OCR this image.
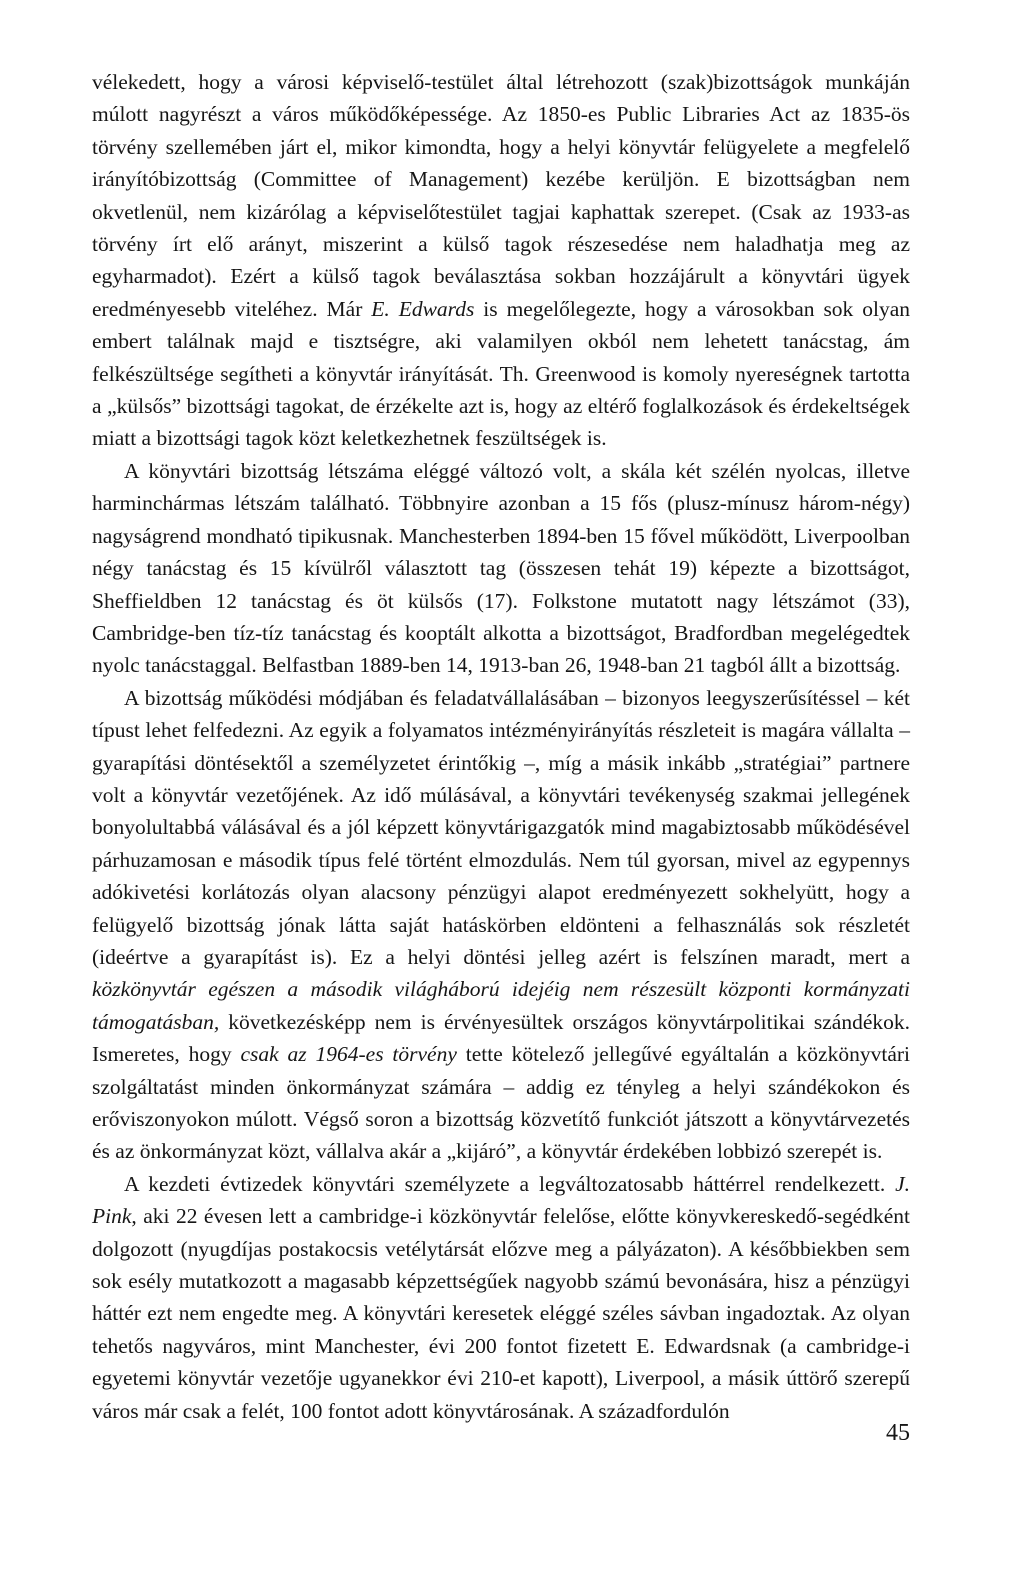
vélekedett, hogy a városi képviselő-testület által létrehozott (szak)bizottságok munkáján múlott nagyrészt a város működőképessége. Az 1850-es Public Libraries Act az 1835-ös törvény szellemében járt el, mikor kimondta, hogy a helyi könyvtár felügyelete a megfelelő irányítóbizottság (Committee of Management) kezébe kerüljön. E bizottságban nem okvetlenül, nem kizárólag a képviselőtestület tagjai kaphattak szerepet. (Csak az 1933-as törvény írt elő arányt, miszerint a külső tagok részesedése nem haladhatja meg az egyharmadot). Ezért a külső tagok beválasztása sokban hozzájárult a könyvtári ügyek eredményesebb viteléhez. Már E. Edwards is megelőlegezte, hogy a városokban sok olyan embert találnak majd e tisztségre, aki valamilyen okból nem lehetett tanácstag, ám felkészültsége segítheti a könyvtár irányítását. Th. Greenwood is komoly nyereségnek tartotta a „külsős” bizottsági tagokat, de érzékelte azt is, hogy az eltérő foglalkozások és érdekeltségek miatt a bizottsági tagok közt keletkezhetnek feszültségek is.

A könyvtári bizottság létszáma eléggé változó volt, a skála két szélén nyolcas, illetve harminchármas létszám található. Többnyire azonban a 15 fős (plusz-mínusz három-négy) nagyságrend mondható tipikusnak. Manchesterben 1894-ben 15 fővel működött, Liverpoolban négy tanácstag és 15 kívülről választott tag (összesen tehát 19) képezte a bizottságot, Sheffieldben 12 tanácstag és öt külsős (17). Folkstone mutatott nagy létszámot (33), Cambridge-ben tíz-tíz tanácstag és kooptált alkotta a bizottságot, Bradfordban megelégedtek nyolc tanácstaggal. Belfastban 1889-ben 14, 1913-ban 26, 1948-ban 21 tagból állt a bizottság.

A bizottság működési módjában és feladatvállalásában – bizonyos leegyszerűsítéssel – két típust lehet felfedezni. Az egyik a folyamatos intézményirányítás részleteit is magára vállalta – gyarapítási döntésektől a személyzetet érintőkig –, míg a másik inkább „stratégiai” partnere volt a könyvtár vezetőjének. Az idő múlásával, a könyvtári tevékenység szakmai jellegének bonyolultabbá válásával és a jól képzett könyvtárigazgatók mind magabiztosabb működésével párhuzamosan e második típus felé történt elmozdulás. Nem túl gyorsan, mivel az egypennys adókivetési korlátozás olyan alacsony pénzügyi alapot eredményezett sokhelyütt, hogy a felügyelő bizottság jónak látta saját hatáskörben eldönteni a felhasználás sok részletét (ideértve a gyarapítást is). Ez a helyi döntési jelleg azért is felszínen maradt, mert a közkönyvtár egészen a második világháború idejéig nem részesült központi kormányzati támogatásban, következésképp nem is érvényesültek országos könyvtárpolitikai szándékok. Ismeretes, hogy csak az 1964-es törvény tette kötelező jellegűvé egyáltalán a közkönyvtári szolgáltatást minden önkormányzat számára – addig ez tényleg a helyi szándékokon és erőviszonyokon múlott. Végső soron a bizottság közvetítő funkciót játszott a könyvtárvezetés és az önkormányzat közt, vállalva akár a „kijáró”, a könyvtár érdekében lobbizó szerepét is.

A kezdeti évtizedek könyvtári személyzete a legváltozatosabb háttérrel rendelkezett. J. Pink, aki 22 évesen lett a cambridge-i közkönyvtár felelőse, előtte könyvkereskedő-segédként dolgozott (nyugdíjas postakocsis vetélytársát előzve meg a pályázaton). A későbbiekben sem sok esély mutatkozott a magasabb képzettségűek nagyobb számú bevonására, hisz a pénzügyi háttér ezt nem engedte meg. A könyvtári keresetek eléggé széles sávban ingadoztak. Az olyan tehetős nagyváros, mint Manchester, évi 200 fontot fizetett E. Edwardsnak (a cambridge-i egyetemi könyvtár vezetője ugyanekkor évi 210-et kapott), Liverpool, a másik úttörő szerepű város már csak a felét, 100 fontot adott könyvtárosának. A századfordulón

45
